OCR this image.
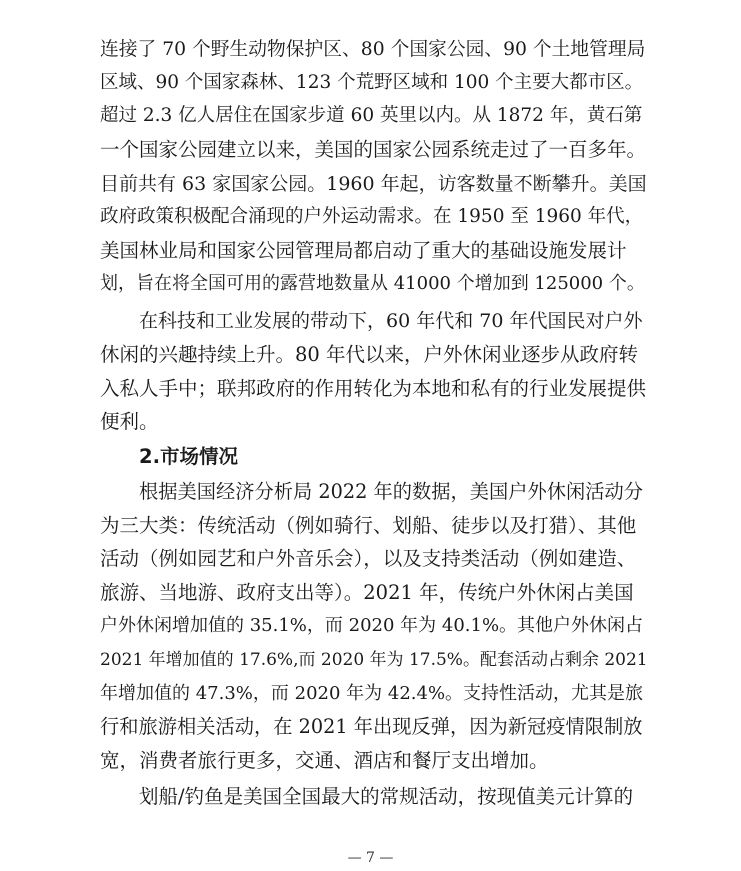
连接了 70 个野生动物保护区、80 个国家公园、90 个土地管理局
区域、90 个国家森林、123 个荒野区域和 100 个主要大都市区。
超过 2.3 亿人居住在国家步道 60 英里以内。从 1872 年，黄石第
一个国家公园建立以来，美国的国家公园系统走过了一百多年。
目前共有 63 家国家公园。1960 年起，访客数量不断攀升。美国
政府政策积极配合涌现的户外运动需求。在 1950 至 1960 年代，
美国林业局和国家公园管理局都启动了重大的基础设施发展计
划，旨在将全国可用的露营地数量从 41000 个增加到 125000 个。
在科技和工业发展的带动下，60 年代和 70 年代国民对户外
休闲的兴趣持续上升。80 年代以来，户外休闲业逐步从政府转
入私人手中；联邦政府的作用转化为本地和私有的行业发展提供
便利。
2.市场情况
根据美国经济分析局 2022 年的数据，美国户外休闲活动分
为三大类：传统活动（例如骑行、划船、徒步以及打猎）、其他
活动（例如园艺和户外音乐会），以及支持类活动（例如建造、
旅游、当地游、政府支出等）。2021 年，传统户外休闲占美国
户外休闲增加值的 35.1%，而 2020 年为 40.1%。其他户外休闲占
2021 年增加值的 17.6%,而 2020 年为 17.5%。配套活动占剩余 2021
年增加值的 47.3%，而 2020 年为 42.4%。支持性活动，尤其是旅
行和旅游相关活动，在 2021 年出现反弹，因为新冠疫情限制放
宽，消费者旅行更多，交通、酒店和餐厅支出增加。
划船/钓鱼是美国全国最大的常规活动，按现值美元计算的
— 7 —
